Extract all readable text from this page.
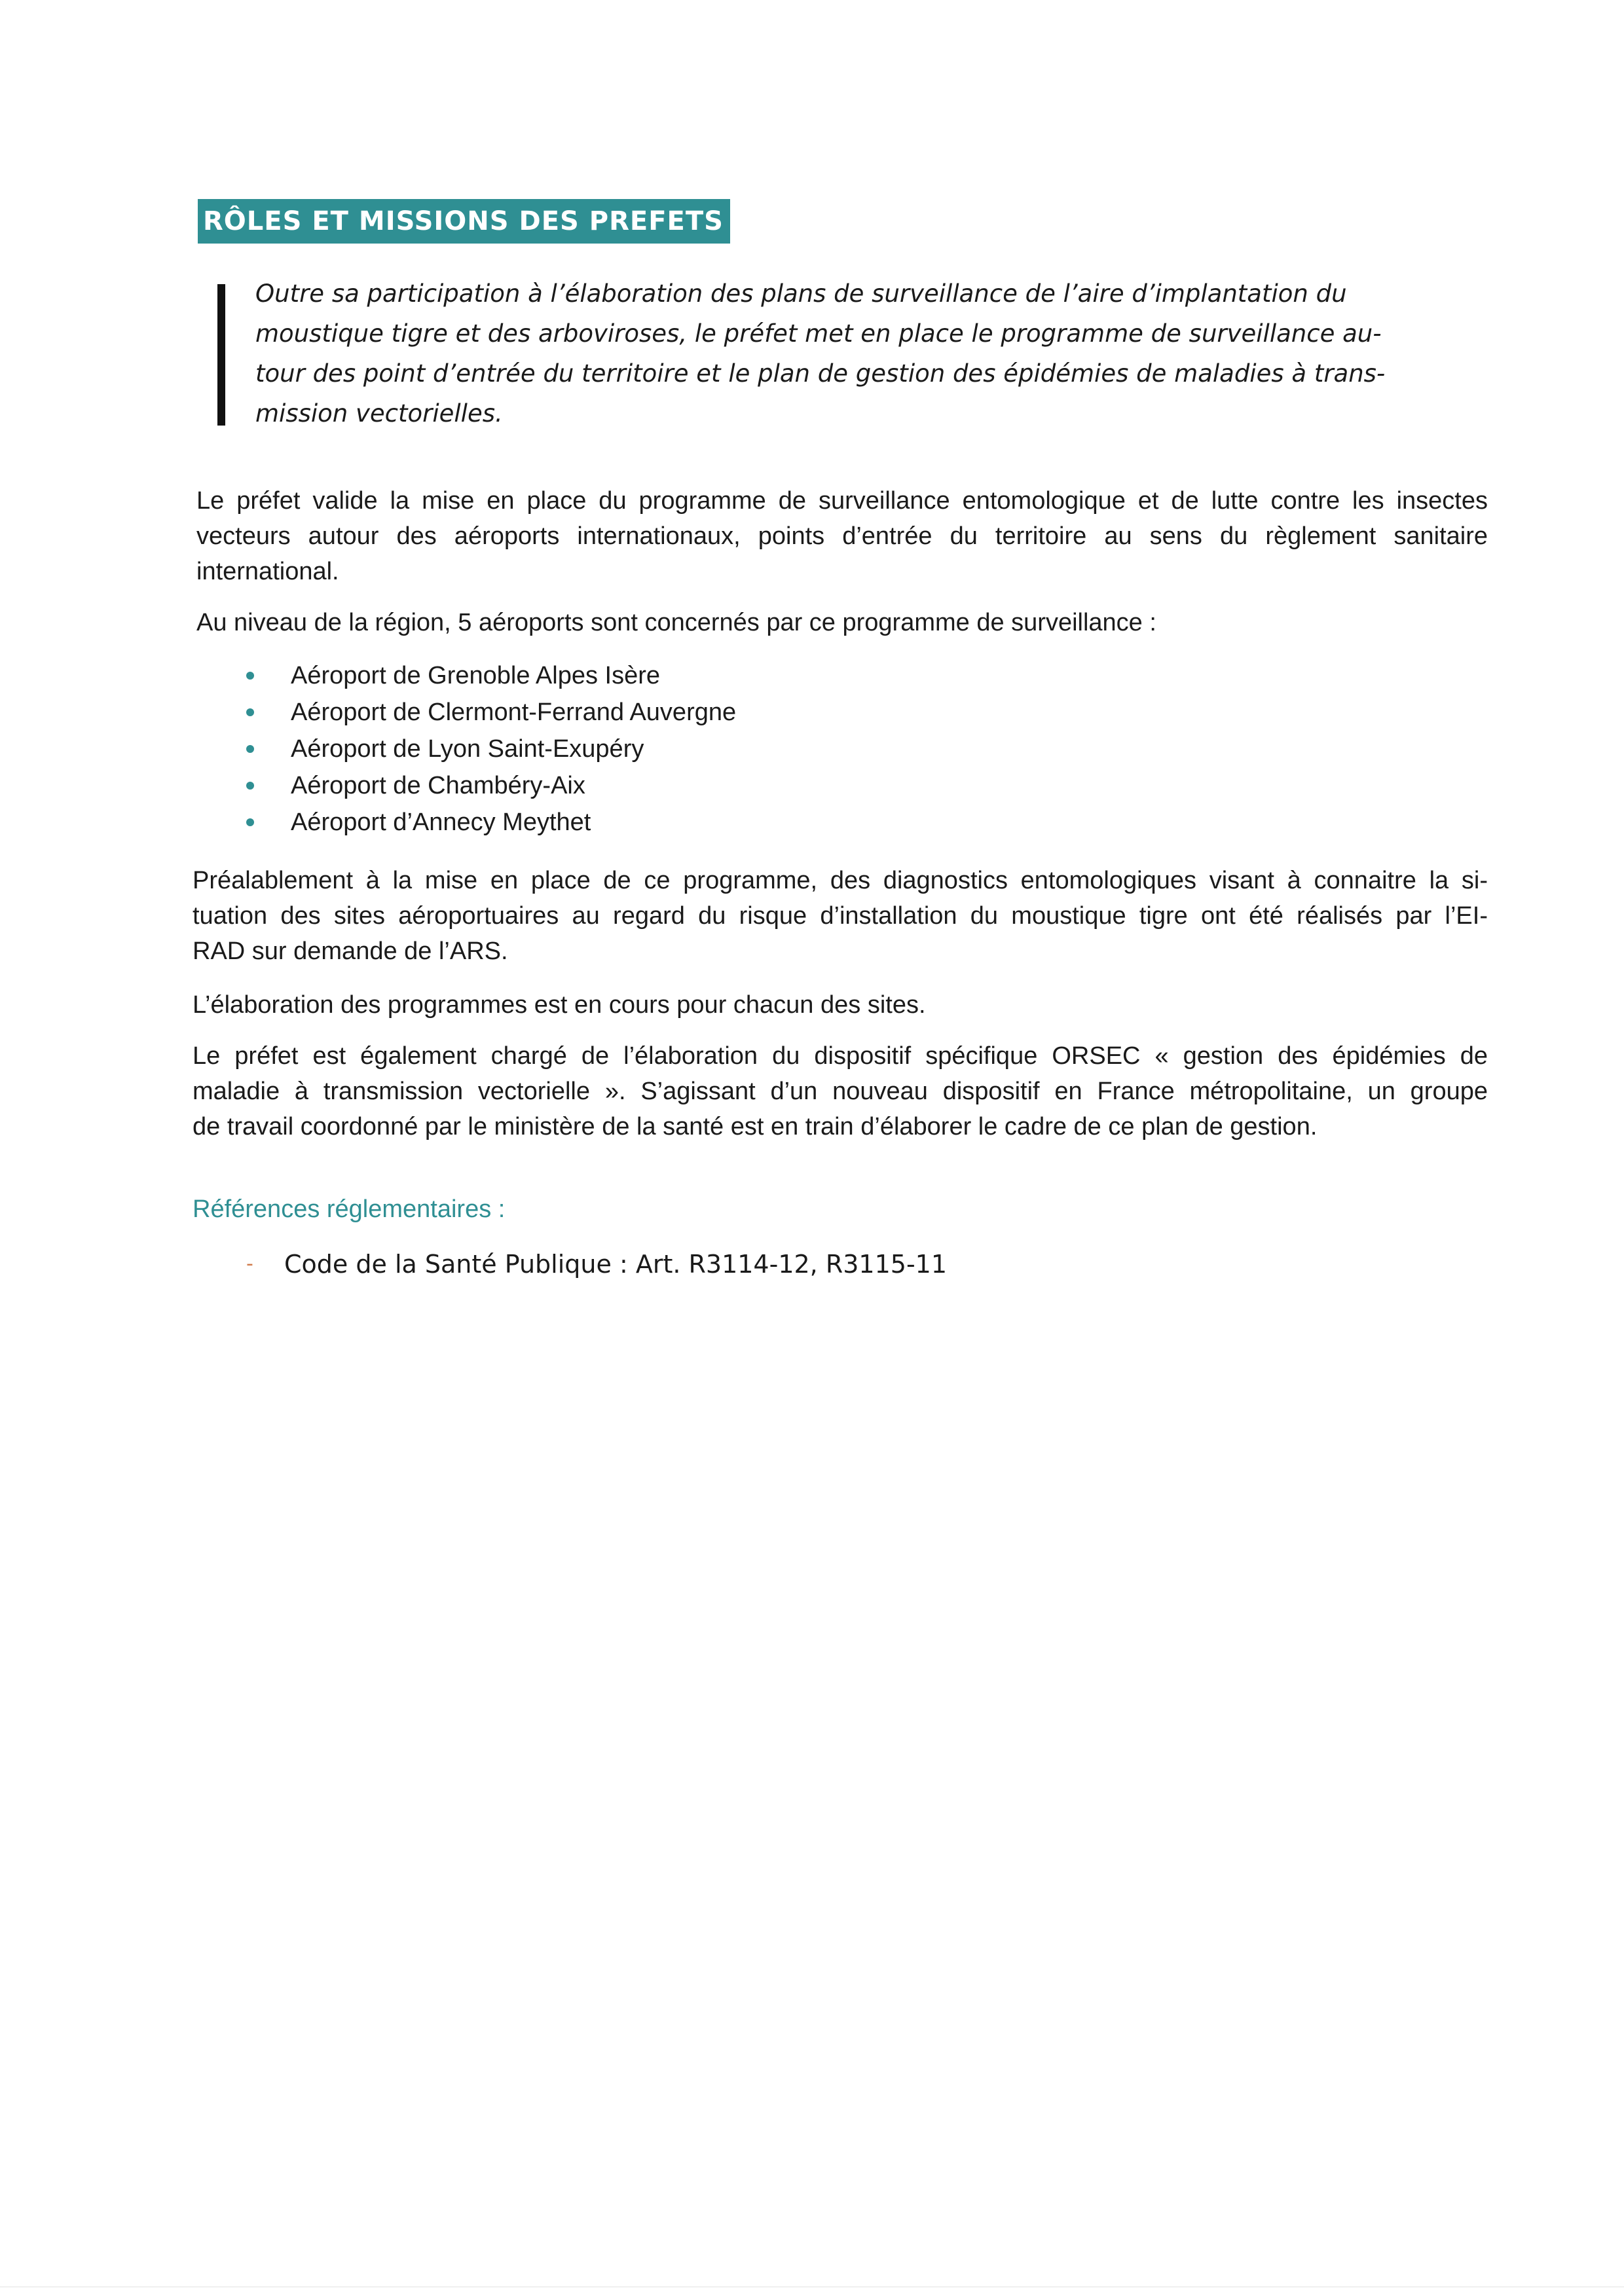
RÔLES ET MISSIONS DES PREFETS
Outre sa participation à l’élaboration des plans de surveillance de l’aire d’implantation du
moustique tigre et des arboviroses, le préfet met en place le programme de surveillance au-
tour des point d’entrée du territoire et le plan de gestion des épidémies de maladies à trans-
mission vectorielles.
Le préfet valide la mise en place du programme de surveillance entomologique et de lutte contre les insectes
vecteurs autour des aéroports internationaux, points d’entrée du territoire au sens du règlement sanitaire
international.
Au niveau de la région, 5 aéroports sont concernés par ce programme de surveillance :
Aéroport de Grenoble Alpes Isère
Aéroport de Clermont-Ferrand Auvergne
Aéroport de Lyon Saint-Exupéry
Aéroport de Chambéry-Aix
Aéroport d’Annecy Meythet
Préalablement à la mise en place de ce programme, des diagnostics entomologiques visant à connaitre la si-
tuation des sites aéroportuaires au regard du risque d’installation du moustique tigre ont été réalisés par l’EI-
RAD sur demande de l’ARS.
L’élaboration des programmes est en cours pour chacun des sites.
Le préfet est également chargé de l’élaboration du dispositif spécifique ORSEC « gestion des épidémies de
maladie à transmission vectorielle ». S’agissant d’un nouveau dispositif en France métropolitaine, un groupe
de travail coordonné par le ministère de la santé est en train d’élaborer le cadre de ce plan de gestion.
Références réglementaires :
- Code de la Santé Publique : Art. R3114-12, R3115-11
